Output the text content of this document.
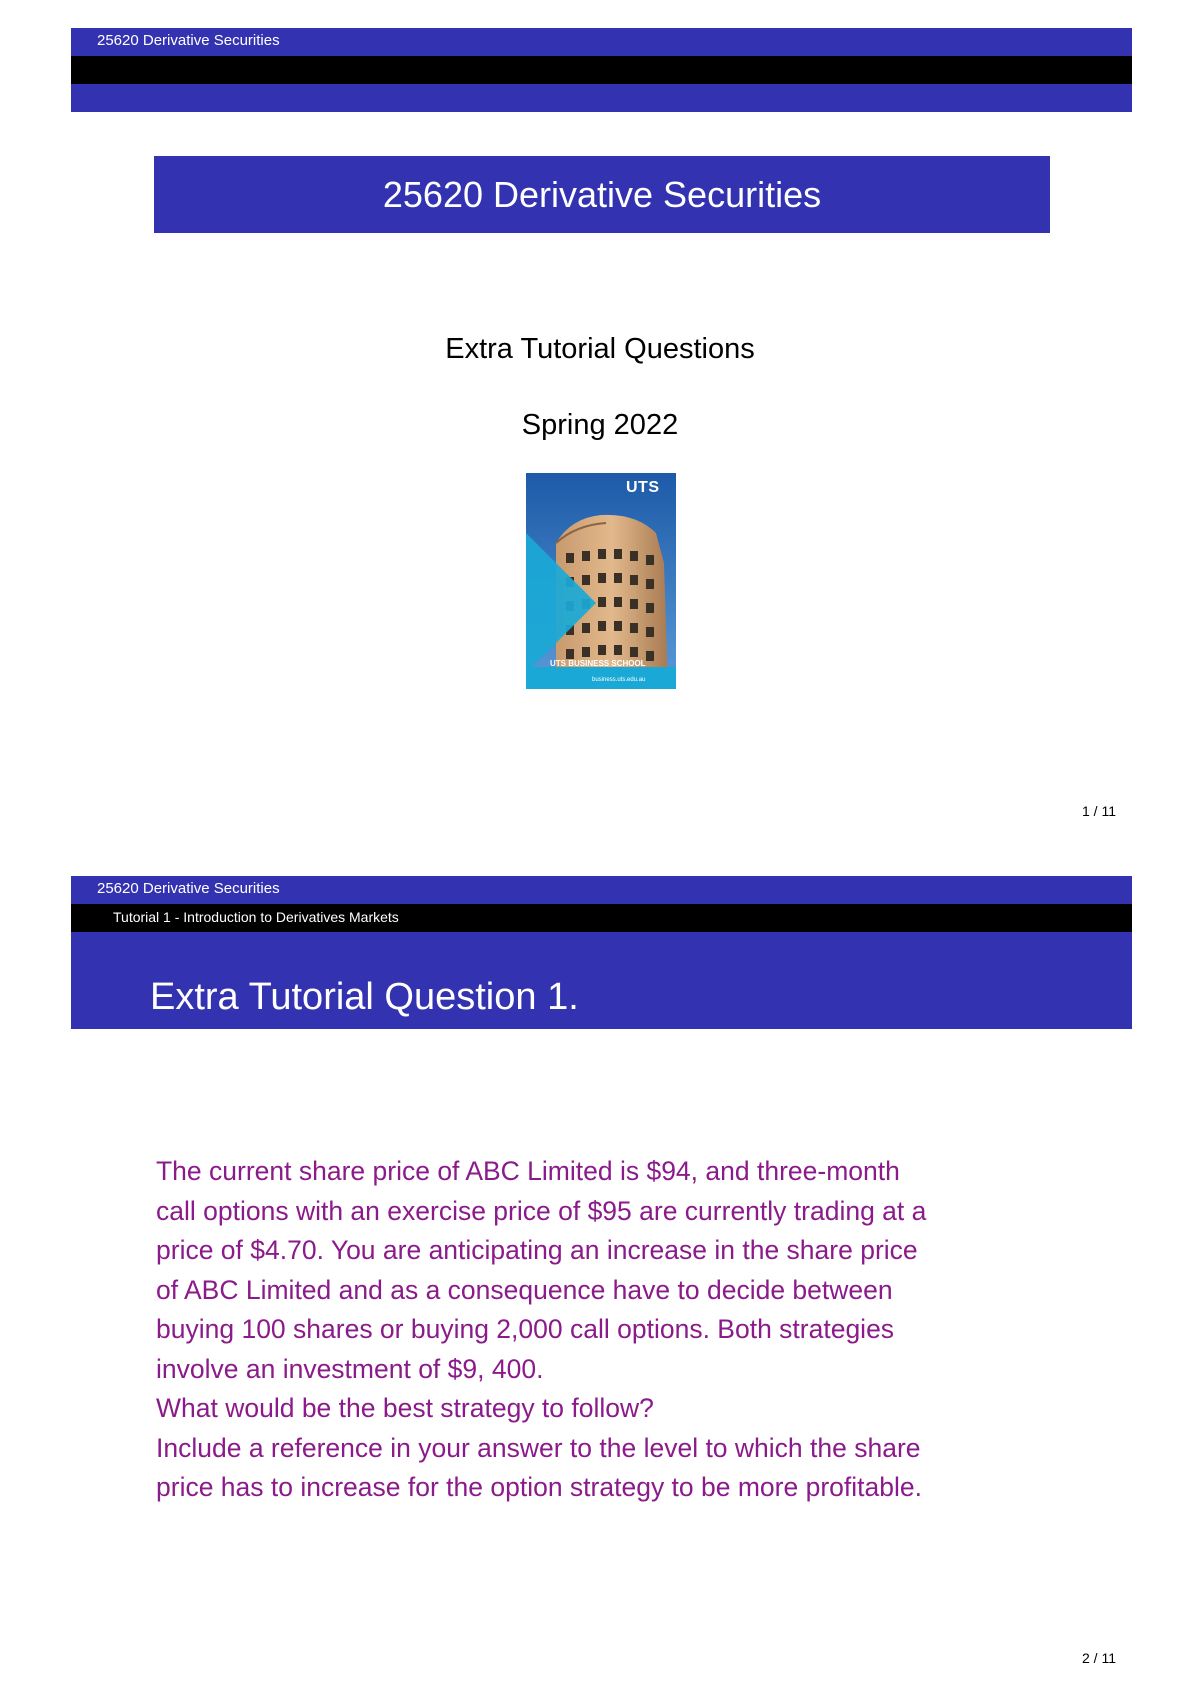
25620 Derivative Securities
25620 Derivative Securities
Extra Tutorial Questions
Spring 2022
UTS
UTS BUSINESS SCHOOL
business.uts.edu.au
1 / 11
25620 Derivative Securities
Tutorial 1 - Introduction to Derivatives Markets
Extra Tutorial Question 1.
The current share price of ABC Limited is $94, and three-month
call options with an exercise price of $95 are currently trading at a
price of $4.70. You are anticipating an increase in the share price
of ABC Limited and as a consequence have to decide between
buying 100 shares or buying 2,000 call options. Both strategies
involve an investment of $9, 400.
What would be the best strategy to follow?
Include a reference in your answer to the level to which the share
price has to increase for the option strategy to be more profitable.
2 / 11
